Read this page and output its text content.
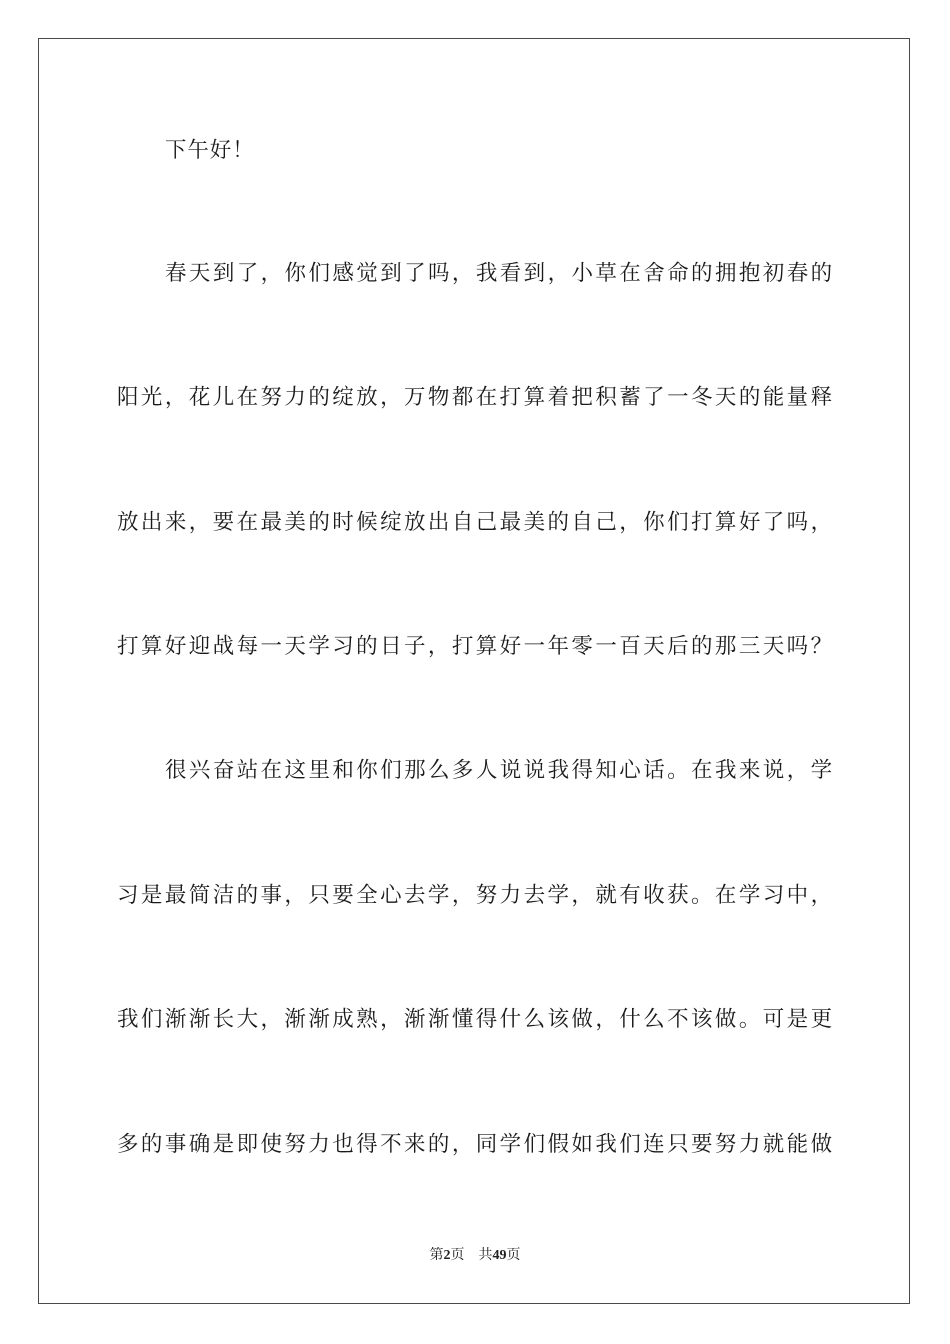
下午好！
春天到了，你们感觉到了吗，我看到，小草在舍命的拥抱初春的
阳光，花儿在努力的绽放，万物都在打算着把积蓄了一冬天的能量释
放出来，要在最美的时候绽放出自己最美的自己，你们打算好了吗，
打算好迎战每一天学习的日子，打算好一年零一百天后的那三天吗？
很兴奋站在这里和你们那么多人说说我得知心话。在我来说，学
习是最简洁的事，只要全心去学，努力去学，就有收获。在学习中，
我们渐渐长大，渐渐成熟，渐渐懂得什么该做，什么不该做。可是更
多的事确是即使努力也得不来的，同学们假如我们连只要努力就能做
第2页 共49页
